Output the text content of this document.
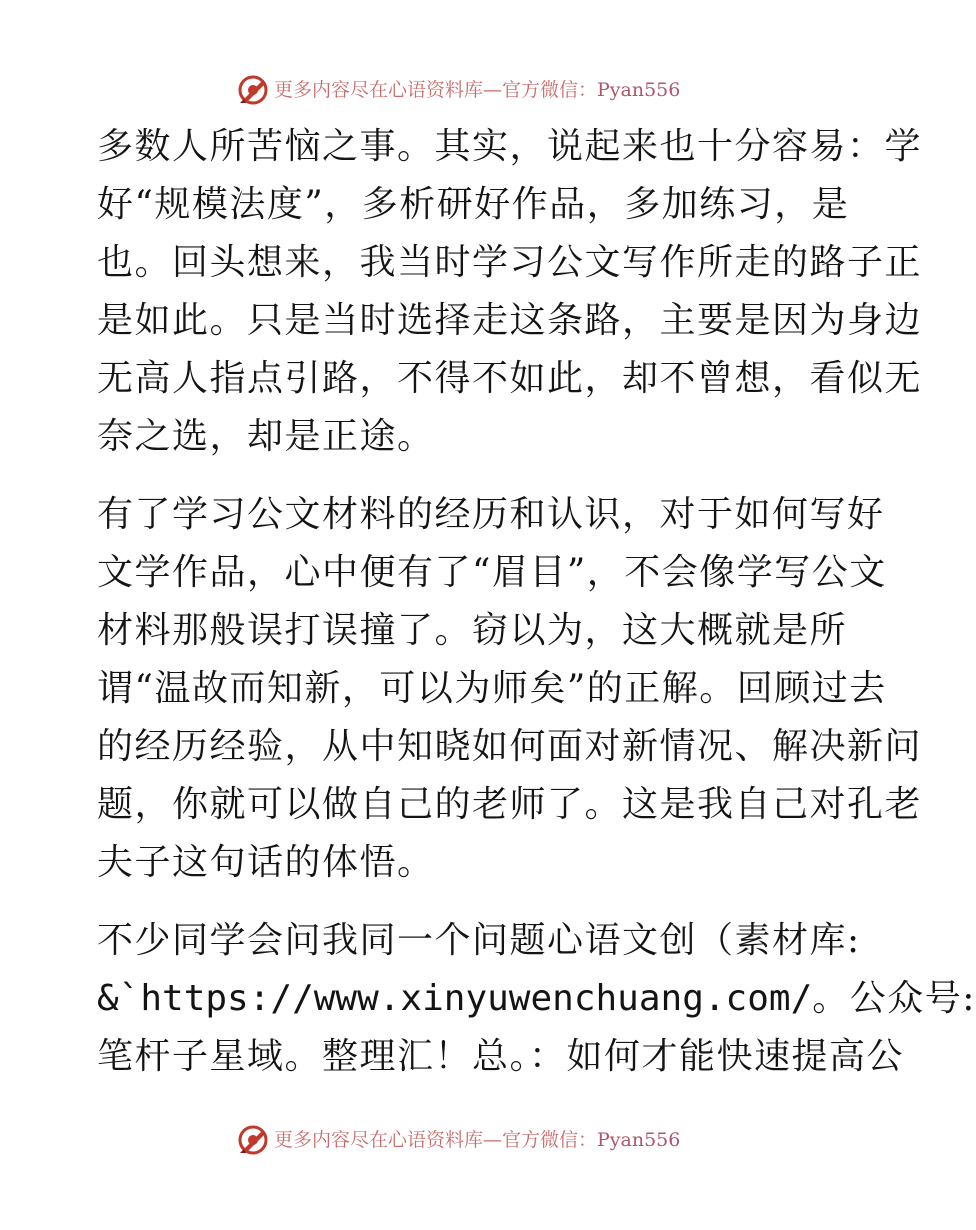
更多内容尽在心语资料库—官方微信：Pyan556
多数人所苦恼之事。其实，说起来也十分容易：学
好“规模法度”，多析研好作品，多加练习，是
也。回头想来，我当时学习公文写作所走的路子正
是如此。只是当时选择走这条路，主要是因为身边
无高人指点引路，不得不如此，却不曾想，看似无
奈之选，却是正途。
有了学习公文材料的经历和认识，对于如何写好
文学作品，心中便有了“眉目”，不会像学写公文
材料那般误打误撞了。窃以为，这大概就是所
谓“温故而知新，可以为师矣”的正解。回顾过去
的经历经验，从中知晓如何面对新情况、解决新问
题，你就可以做自己的老师了。这是我自己对孔老
夫子这句话的体悟。
不少同学会问我同一个问题心语文创（素材库:
&`https://www.xinyuwenchuang.com/。公众号:
笔杆子星域。整理汇！总。：如何才能快速提高公
更多内容尽在心语资料库—官方微信：Pyan556
